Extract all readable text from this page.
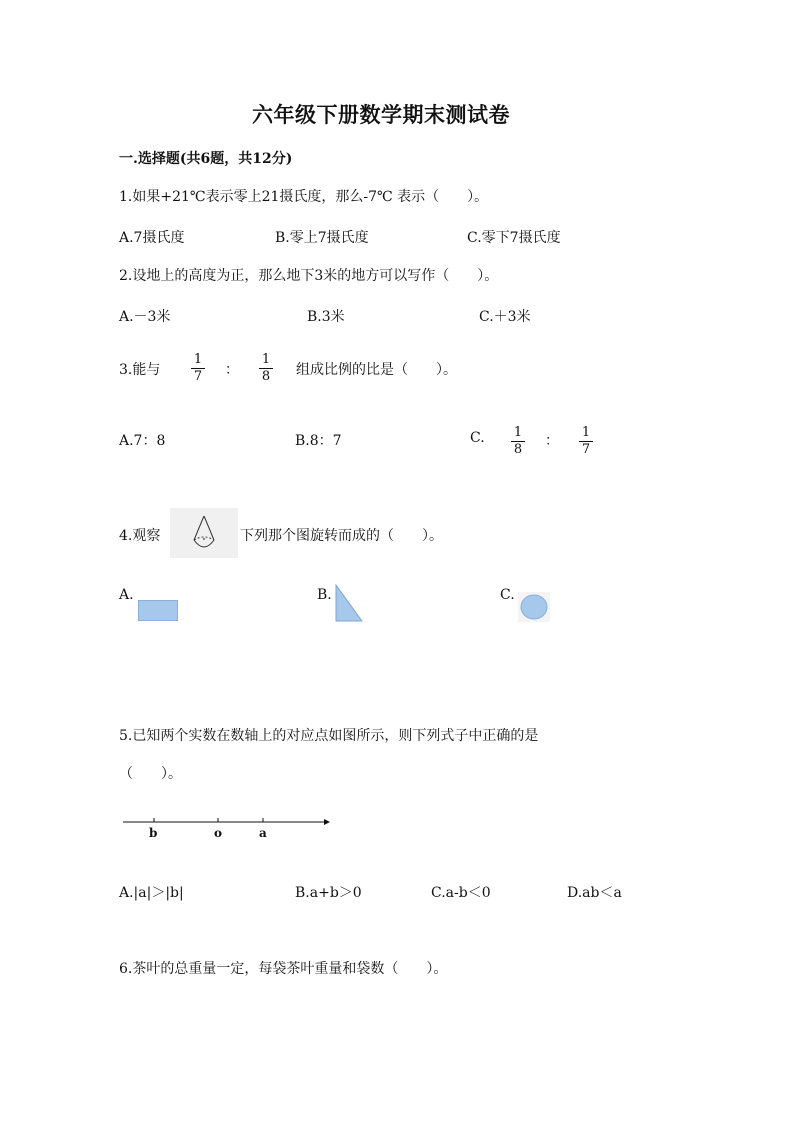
六年级下册数学期末测试卷
一.选择题(共6题，共12分)
1.如果+21℃表示零上21摄氏度，那么-7℃ 表示（　　）。
A.7摄氏度	B.零上7摄氏度	C.零下7摄氏度
2.设地上的高度为正，那么地下3米的地方可以写作（　　）。
A.－3米	B.3米	C.＋3米
3.能与
1
7 ：
1
8 组成比例的比是（　　）。
A.7：8	B.8：7	C. 1
8
：
1
7
4.观察	下列那个图旋转而成的（　　）。
A.	B.	C.
5.已知两个实数在数轴上的对应点如图所示，则下列式子中正确的是
（　　）。
b	o	a
A.|a|＞|b|	B.a+b＞0	C.a-b＜0	D.ab＜a
6.茶叶的总重量一定，每袋茶叶重量和袋数（　　）。
